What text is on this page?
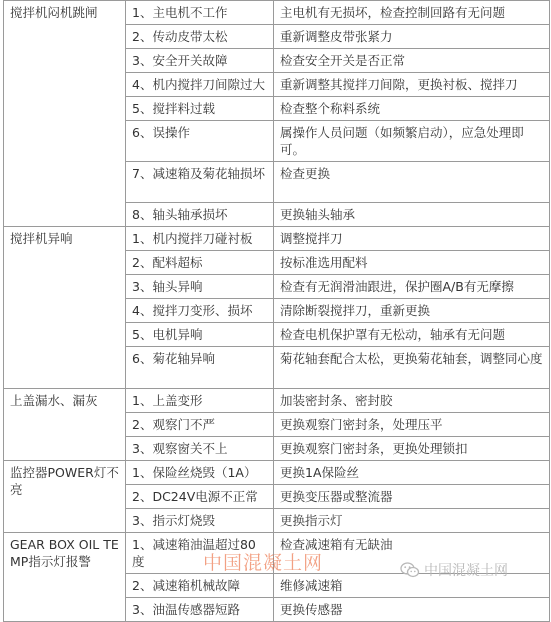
搅拌机闷机跳闸	1、主电机不工作	主电机有无损坏，检查控制回路有无问题
	2、传动皮带太松	重新调整皮带张紧力
	3、安全开关故障	检查安全开关是否正常
	4、机内搅拌刀间隙过大	重新调整其搅拌刀间隙，更换衬板、搅拌刀
	5、搅拌料过载	检查整个称料系统
	6、误操作	属操作人员问题（如频繁启动），应急处理即可。
	7、减速箱及菊花轴损坏	检查更换
	8、轴头轴承损坏	更换轴头轴承
搅拌机异响	1、机内搅拌刀碰衬板	调整搅拌刀
	2、配料超标	按标准选用配料
	3、轴头异响	检查有无润滑油跟进，保护圈A/B有无摩擦
	4、搅拌刀变形、损坏	清除断裂搅拌刀，重新更换
	5、电机异响	检查电机保护罩有无松动，轴承有无问题
	6、菊花轴异响	菊花轴套配合太松，更换菊花轴套，调整同心度
上盖漏水、漏灰	1、上盖变形	加装密封条、密封胶
	2、观察门不严	更换观察门密封条，处理压平
	3、观察窗关不上	更换观察门密封条，更换处理锁扣
监控器POWER灯不亮	1、保险丝烧毁（1A）	更换1A保险丝
	2、DC24V电源不正常	更换变压器或整流器
	3、指示灯烧毁	更换指示灯
GEAR BOX OIL TEMP指示灯报警	1、减速箱油温超过80度	检查减速箱有无缺油
	2、减速箱机械故障	维修减速箱
	3、油温传感器短路	更换传感器
中国混凝土网	中国混凝土网
